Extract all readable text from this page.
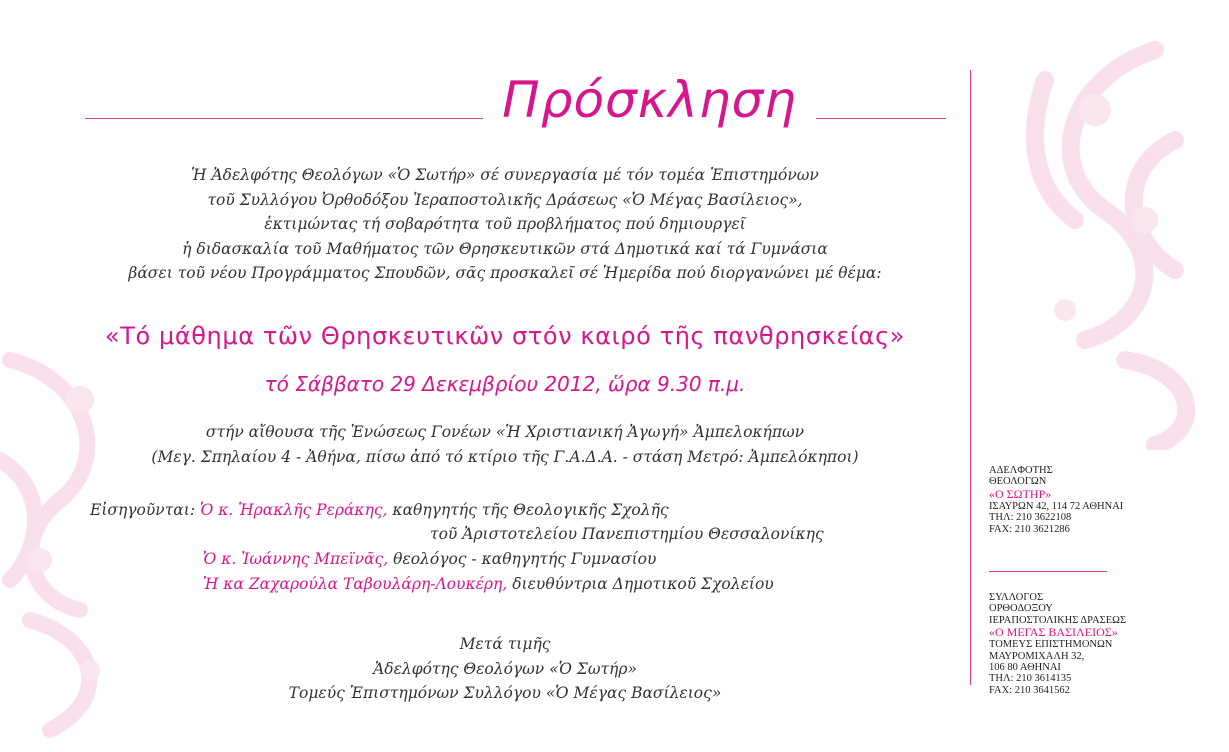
Πρόσκληση
Ἡ Ἀδελφότης Θεολόγων «Ὁ Σωτήρ» σέ συνεργασία μέ τόν τομέα Ἐπιστημόνων
τοῦ Συλλόγου Ὀρθοδόξου Ἱεραποστολικῆς Δράσεως «Ὁ Μέγας Βασίλειος»,
ἐκτιμώντας τή σοβαρότητα τοῦ προβλήματος πού δημιουργεῖ
ἡ διδασκαλία τοῦ Μαθήματος τῶν Θρησκευτικῶν στά Δημοτικά καί τά Γυμνάσια
βάσει τοῦ νέου Προγράμματος Σπουδῶν, σᾶς προσκαλεῖ σέ Ἡμερίδα πού διοργανώνει μέ θέμα:
«Τό μάθημα τῶν Θρησκευτικῶν στόν καιρό τῆς πανθρησκείας»
τό Σάββατο 29 Δεκεμβρίου 2012, ὥρα 9.30 π.μ.
στήν αἴθουσα τῆς Ἑνώσεως Γονέων «Ἡ Χριστιανική Ἀγωγή» Ἀμπελοκήπων
(Μεγ. Σπηλαίου 4 - Ἀθήνα, πίσω ἀπό τό κτίριο τῆς Γ.Α.Δ.Α. - στάση Μετρό: Ἀμπελόκηποι)
Εἰσηγοῦνται: Ὁ κ. Ἡρακλῆς Ρεράκης, καθηγητής τῆς Θεολογικῆς Σχολῆς
τοῦ Ἀριστοτελείου Πανεπιστημίου Θεσσαλονίκης
Ὁ κ. Ἰωάννης Μπεϊνᾶς, θεολόγος - καθηγητής Γυμνασίου
Ἡ κα Ζαχαρούλα Ταβουλάρη-Λουκέρη, διευθύντρια Δημοτικοῦ Σχολείου
Μετά τιμῆς
Ἀδελφότης Θεολόγων «Ὁ Σωτήρ»
Τομεύς Ἐπιστημόνων Συλλόγου «Ὁ Μέγας Βασίλειος»
ΑΔΕΛΦΟΤΗΣ
ΘΕΟΛΟΓΩΝ
«Ο ΣΩΤΗΡ»
ΙΣΑΥΡΩΝ 42, 114 72 ΑΘΗΝΑΙ
ΤΗΛ: 210 3622108
FAX: 210 3621286
ΣΥΛΛΟΓΟΣ
ΟΡΘΟΔΟΞΟΥ
ΙΕΡΑΠΟΣΤΟΛΙΚΗΣ ΔΡΑΣΕΩΣ
«Ο ΜΕΓΑΣ ΒΑΣΙΛΕΙΟΣ»
ΤΟΜΕΥΣ ΕΠΙΣΤΗΜΟΝΩΝ
ΜΑΥΡΟΜΙΧΑΛΗ 32,
106 80 ΑΘΗΝΑΙ
ΤΗΛ: 210 3614135
FAX: 210 3641562
